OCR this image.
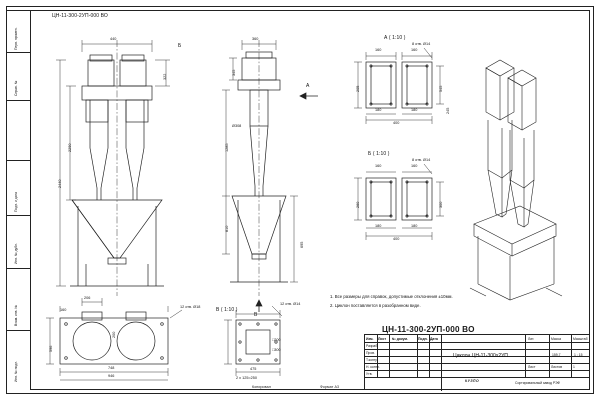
Перв. примен.
Справ. №
Подп. и дата
Инв. № дубл.
Взам. инв. №
Инв. № подл.
ЦН-11-300-2УП-000 ВО
440
322
2290
2440
Б
360
345
1285
Ø308
810
695
А
В
А ( 1:10 )
160	160
205	545
245
180	180
400
8 отв. Ø14
Б ( 1:10 )
160	160
260	300
180	180
400
8 отв. Ø14
206
160
200
596
748
946
12 отв. Ø18	В ( 1:10 )
□200
□300
12 отв. Ø14
475
2 x 125=250
1. Все размеры для справок, допустимые отклонения ±10мм.
2. Циклон поставляется в разобранном виде.
ЦН-11-300-2УП-000 ВО
Изм. Лист № докум.	Подп. Дата
Разраб.
Пров.
Т.контр.
Н. контр.
Утв.
Циклон ЦН-11-300х2УП
Лит.	Масса	Масштаб
159,7	1 : 15
Лист	Листов	1
КУЗПО	Сортировальный завод РЭФ
Копировал	Формат А3
